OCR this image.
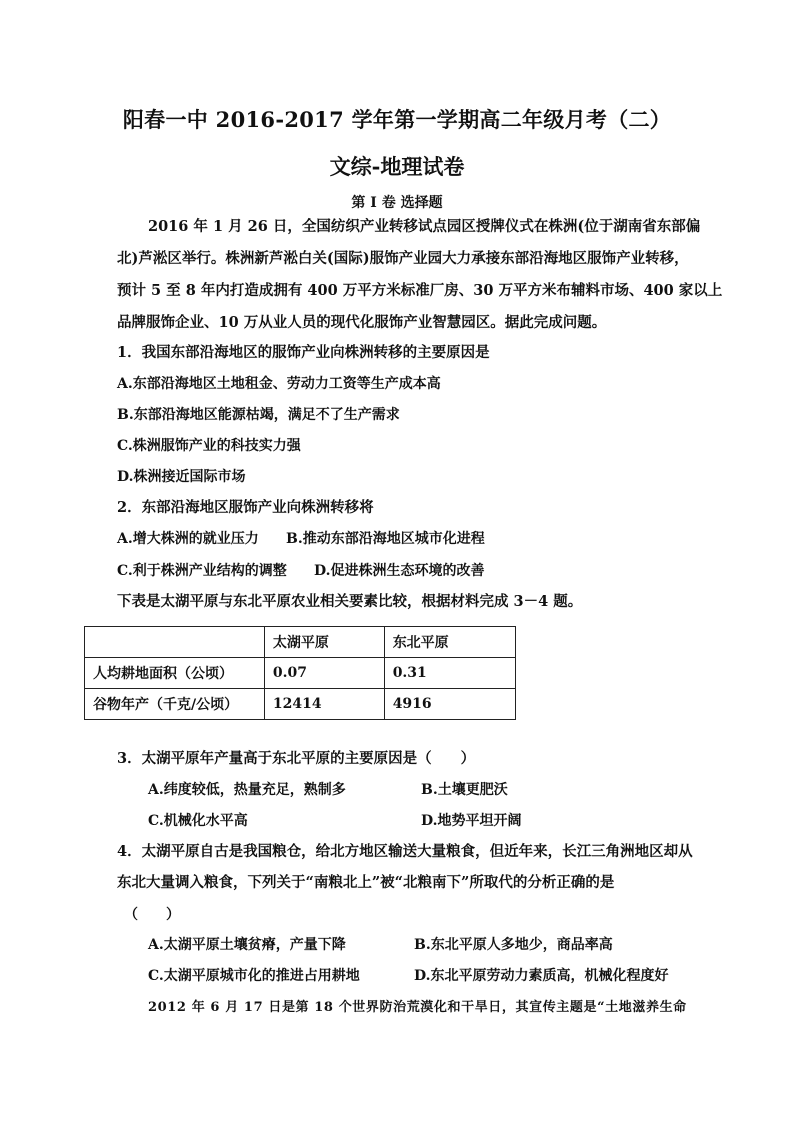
阳春一中 2016-2017 学年第一学期高二年级月考（二）
文综-地理试卷
第 I 卷 选择题
2016 年 1 月 26 日，全国纺织产业转移试点园区授牌仪式在株洲(位于湖南省东部偏
北)芦淞区举行。株洲新芦淞白关(国际)服饰产业园大力承接东部沿海地区服饰产业转移，
预计 5 至 8 年内打造成拥有 400 万平方米标准厂房、30 万平方米布辅料市场、400 家以上
品牌服饰企业、10 万从业人员的现代化服饰产业智慧园区。据此完成问题。
1．我国东部沿海地区的服饰产业向株洲转移的主要原因是
A.东部沿海地区土地租金、劳动力工资等生产成本高
B.东部沿海地区能源枯竭，满足不了生产需求
C.株洲服饰产业的科技实力强
D.株洲接近国际市场
2．东部沿海地区服饰产业向株洲转移将
A.增大株洲的就业压力 B.推动东部沿海地区城市化进程
C.利于株洲产业结构的调整 D.促进株洲生态环境的改善
下表是太湖平原与东北平原农业相关要素比较，根据材料完成 3－4 题。
	太湖平原	东北平原
人均耕地面积（公顷）	0.07	0.31
谷物年产（千克/公顷）	12414	4916
3．太湖平原年产量高于东北平原的主要原因是（　　）
A.纬度较低，热量充足，熟制多	B.土壤更肥沃
C.机械化水平高	D.地势平坦开阔
4．太湖平原自古是我国粮仓，给北方地区输送大量粮食，但近年来，长江三角洲地区却从
东北大量调入粮食，下列关于“南粮北上”被“北粮南下”所取代的分析正确的是
（　　）
A.太湖平原土壤贫瘠，产量下降	B.东北平原人多地少，商品率高
C.太湖平原城市化的推进占用耕地	D.东北平原劳动力素质高，机械化程度好
2012 年 6 月 17 日是第 18 个世界防治荒漠化和干旱日，其宣传主题是“土地滋养生命
